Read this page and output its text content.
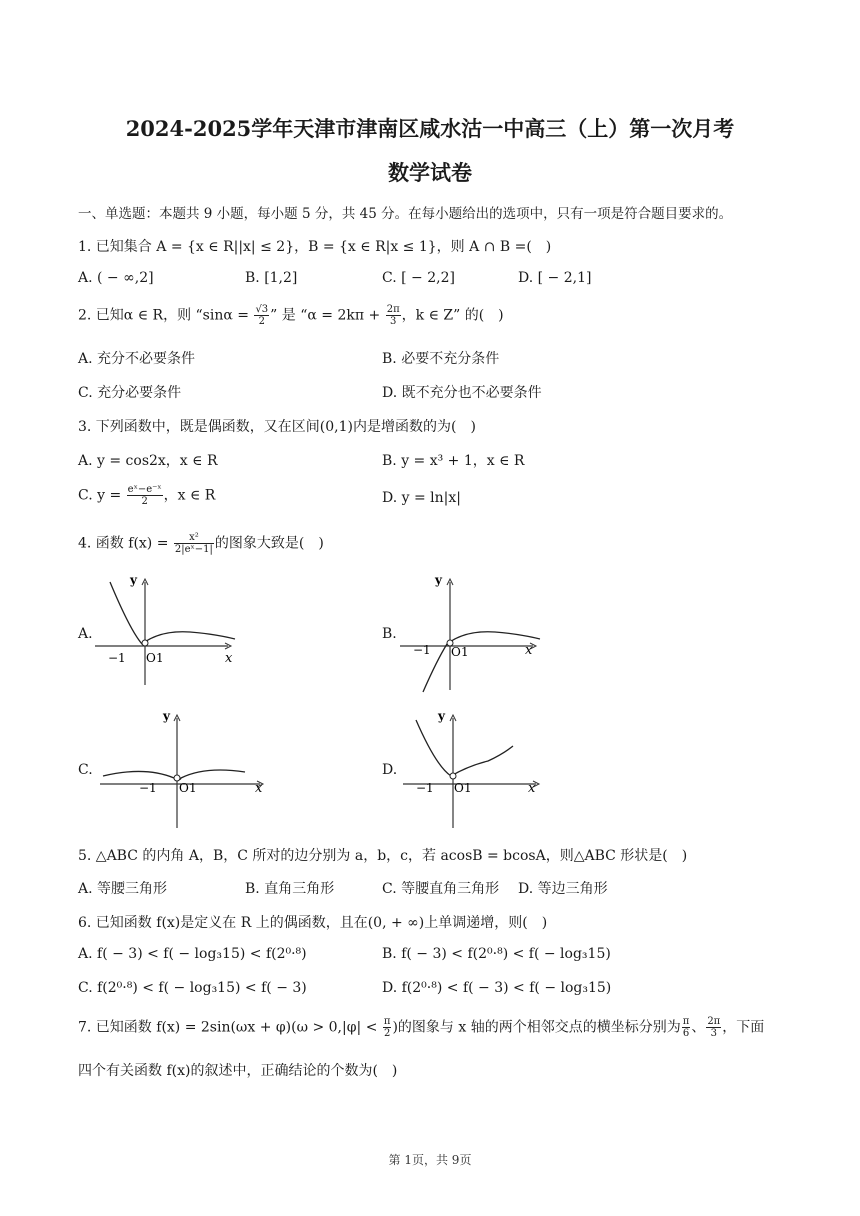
2024-2025学年天津市津南区咸水沽一中高三（上）第一次月考
数学试卷
一、单选题：本题共 9 小题，每小题 5 分，共 45 分。在每小题给出的选项中，只有一项是符合题目要求的。
1. 已知集合 A = {x ∈ R||x| ≤ 2}，B = {x ∈ R|x ≤ 1}，则 A ∩ B =(　)
A. ( − ∞,2]	B. [1,2]	C. [ − 2,2]	D. [ − 2,1]
2. 已知α ∈ R，则 “$\sin\alpha = \frac{√3}{2}$ ” 是 “$\alpha = 2k\pi + \frac{2\pi}{3}$ ，k ∈ Z” 的(　)
A. 充分不必要条件	B. 必要不充分条件
C. 充分必要条件	D. 既不充分也不必要条件
3. 下列函数中，既是偶函数，又在区间(0,1)内是增函数的为(　)
A. y = cos2x，x ∈ R	B. y = x³ + 1，x ∈ R
C. $y = \frac{\text{eˣ−e⁻ˣ}}{2}$ ，x ∈ R	D. y = ln|x|
4. 函数 $f(x) = \frac{\text{x²}}{\text{2|eˣ−1|}}$ 的图象大致是(　)
A.	B.
C.	D.
y
x
−1 O 1
y
x
−1 O 1
y
x
−1 O 1
y
x
−1 O 1
5. △ABC 的内角 A，B，C 所对的边分别为 a，b，c，若 acosB = bcosA，则△ABC 形状是(　)
A. 等腰三角形	B. 直角三角形	C. 等腰直角三角形 D. 等边三角形
6. 已知函数 f(x)是定义在 R 上的偶函数，且在(0, + ∞)上单调递增，则(　)
A. f( − 3) < f( − log₃15) < f(2⁰·⁸)	B. f( − 3) < f(2⁰·⁸) < f( − log₃15)
C. f(2⁰·⁸) < f( − log₃15) < f( − 3)	D. f(2⁰·⁸) < f( − 3) < f( − log₃15)
7. 已知函数 $f(x) = 2\sin(\omega x + \varphi)(\omega > 0,|\varphi| < \frac{\pi}{2}$ )的图象与 x 轴的两个相邻交点的横坐标分别为 $\frac{\pi}{6}$ 、 $\frac{2\pi}{3}$ ，下面
四个有关函数 f(x)的叙述中，正确结论的个数为(　)
第 1页，共 9页
